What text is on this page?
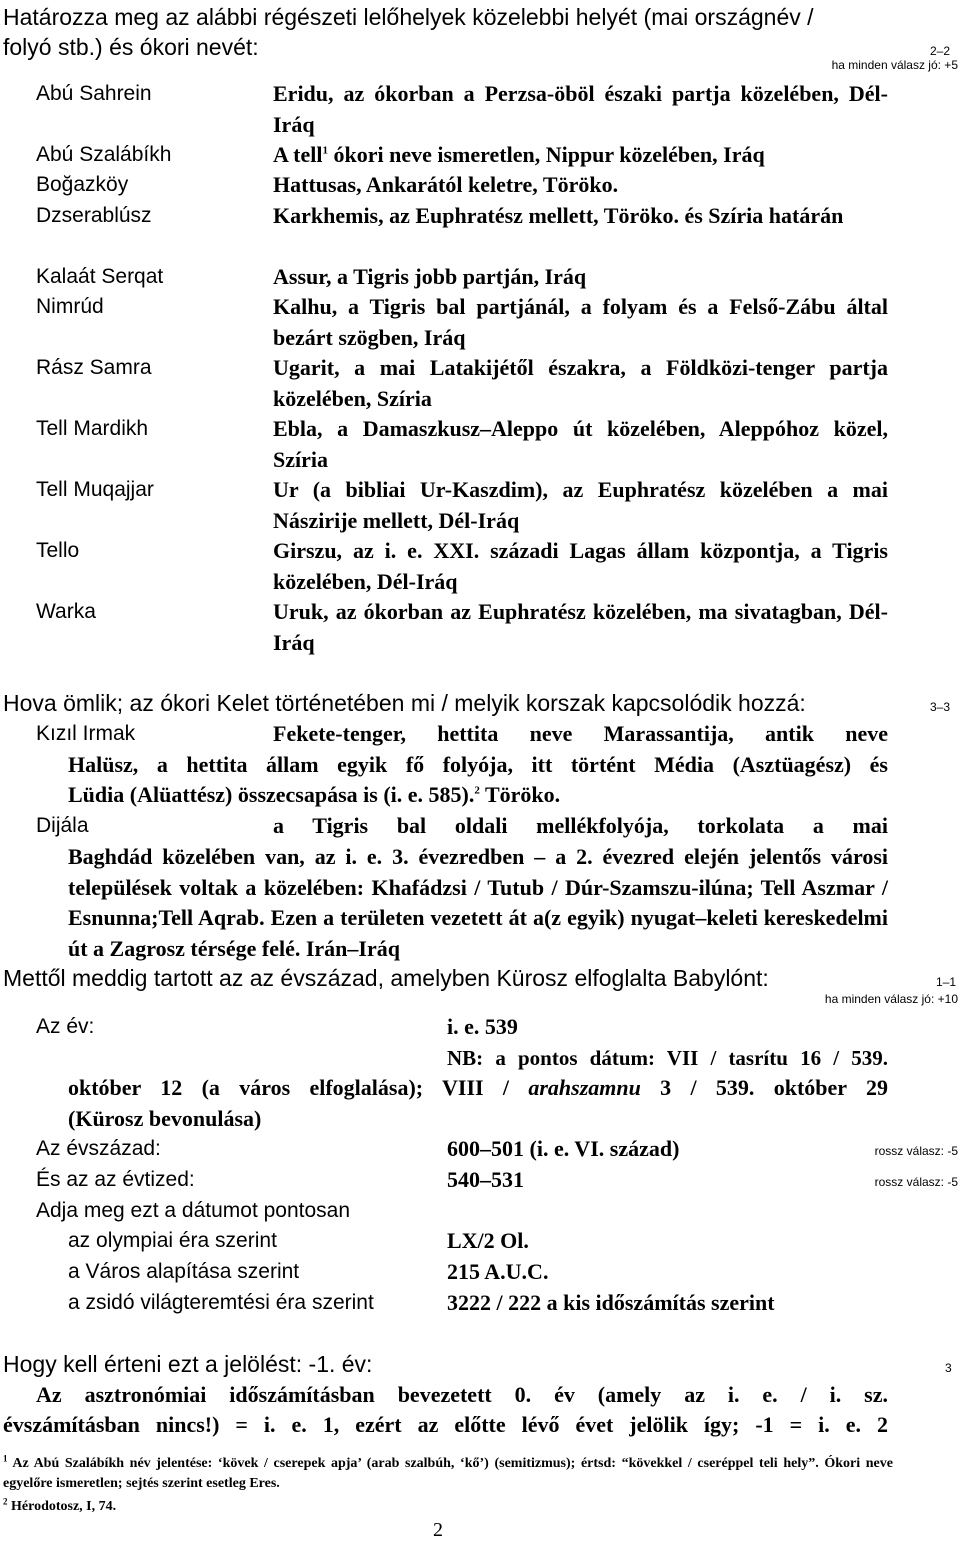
Határozza meg az alábbi régészeti lelőhelyek közelebbi helyét (mai országnév /
folyó stb.) és ókori nevét:	2–2
ha minden válasz jó: +5
Abú Sahrein	Eridu, az ókorban a Perzsa-öböl északi partja közelében, Dél-Iráq
Abú Szalábíkh	A tell$^1$ ókori neve ismeretlen, Nippur közelében, Iráq
Boğazköy	Hattusas, Ankarától keletre, Töröko.
Dzserablúsz	Karkhemis, az Euphratész mellett, Töröko. és Szíria határán
Kalaát Serqat	Assur, a Tigris jobb partján, Iráq
Nimrúd	Kalhu, a Tigris bal partjánál, a folyam és a Felső-Zábu által bezárt szögben, Iráq
Rász Samra	Ugarit, a mai Latakijétől északra, a Földközi-tenger partja közelében, Szíria
Tell Mardikh	Ebla, a Damaszkusz–Aleppo út közelében, Aleppóhoz közel, Szíria
Tell Muqajjar	Ur (a bibliai Ur-Kaszdim), az Euphratész közelében a mai Nászirije mellett, Dél-Iráq
Tello	Girszu, az i. e. XXI. századi Lagas állam központja, a Tigris közelében, Dél-Iráq
Warka	Uruk, az ókorban az Euphratész közelében, ma sivatagban, Dél-Iráq
Hova ömlik; az ókori Kelet történetében mi / melyik korszak kapcsolódik hozzá:	3–3
Kızıl Irmak	Fekete-tenger, hettita neve Marassantija, antik neve
Halüsz, a hettita állam egyik fő folyója, itt történt Média (Asztüagész) és
Lüdia (Alüattész) összecsapása is (i. e. 585).$^2$ Töröko.
Dijála	a Tigris bal oldali mellékfolyója, torkolata a mai
Baghdád közelében van, az i. e. 3. évezredben – a 2. évezred elején jelentős városi települések voltak a közelében: Khafádzsi / Tutub / Dúr-Szamszu-ilúna; Tell Aszmar / Esnunna;Tell Aqrab. Ezen a területen vezetett át a(z egyik) nyugat–keleti kereskedelmi út a Zagrosz térsége felé. Irán–Iráq
Mettől meddig tartott az az évszázad, amelyben Kürosz elfoglalta Babylónt:	1–1
ha minden válasz jó: +10
Az év:	i. e. 539
NB: a pontos dátum: VII / tasrítu 16 / 539.
október 12 (a város elfoglalása); VIII / arahszamnu 3 / 539. október 29
(Kürosz bevonulása)
Az évszázad:	600–501 (i. e. VI. század)	rossz válasz: -5
És az az évtized:	540–531	rossz válasz: -5
Adja meg ezt a dátumot pontosan
az olympiai éra szerint	LX/2 Ol.
a Város alapítása szerint	215 A.U.C.
a zsidó világteremtési éra szerint	3222 / 222 a kis időszámítás szerint
Hogy kell érteni ezt a jelölést: -1. év:	3
Az asztronómiai időszámításban bevezetett 0. év (amely az i. e. / i. sz.
évszámításban nincs!) = i. e. 1, ezért az előtte lévő évet jelölik így; -1 = i. e. 2
$^1$ Az Abú Szalábíkh név jelentése: ‘kövek / cserepek apja’ (arab szalbúh, ‘kő’) (semitizmus); értsd: “kövekkel / cseréppel teli hely”. Ókori neve egyelőre ismeretlen; sejtés szerint esetleg Eres.
$^2$ Hérodotosz, I, 74.
2
